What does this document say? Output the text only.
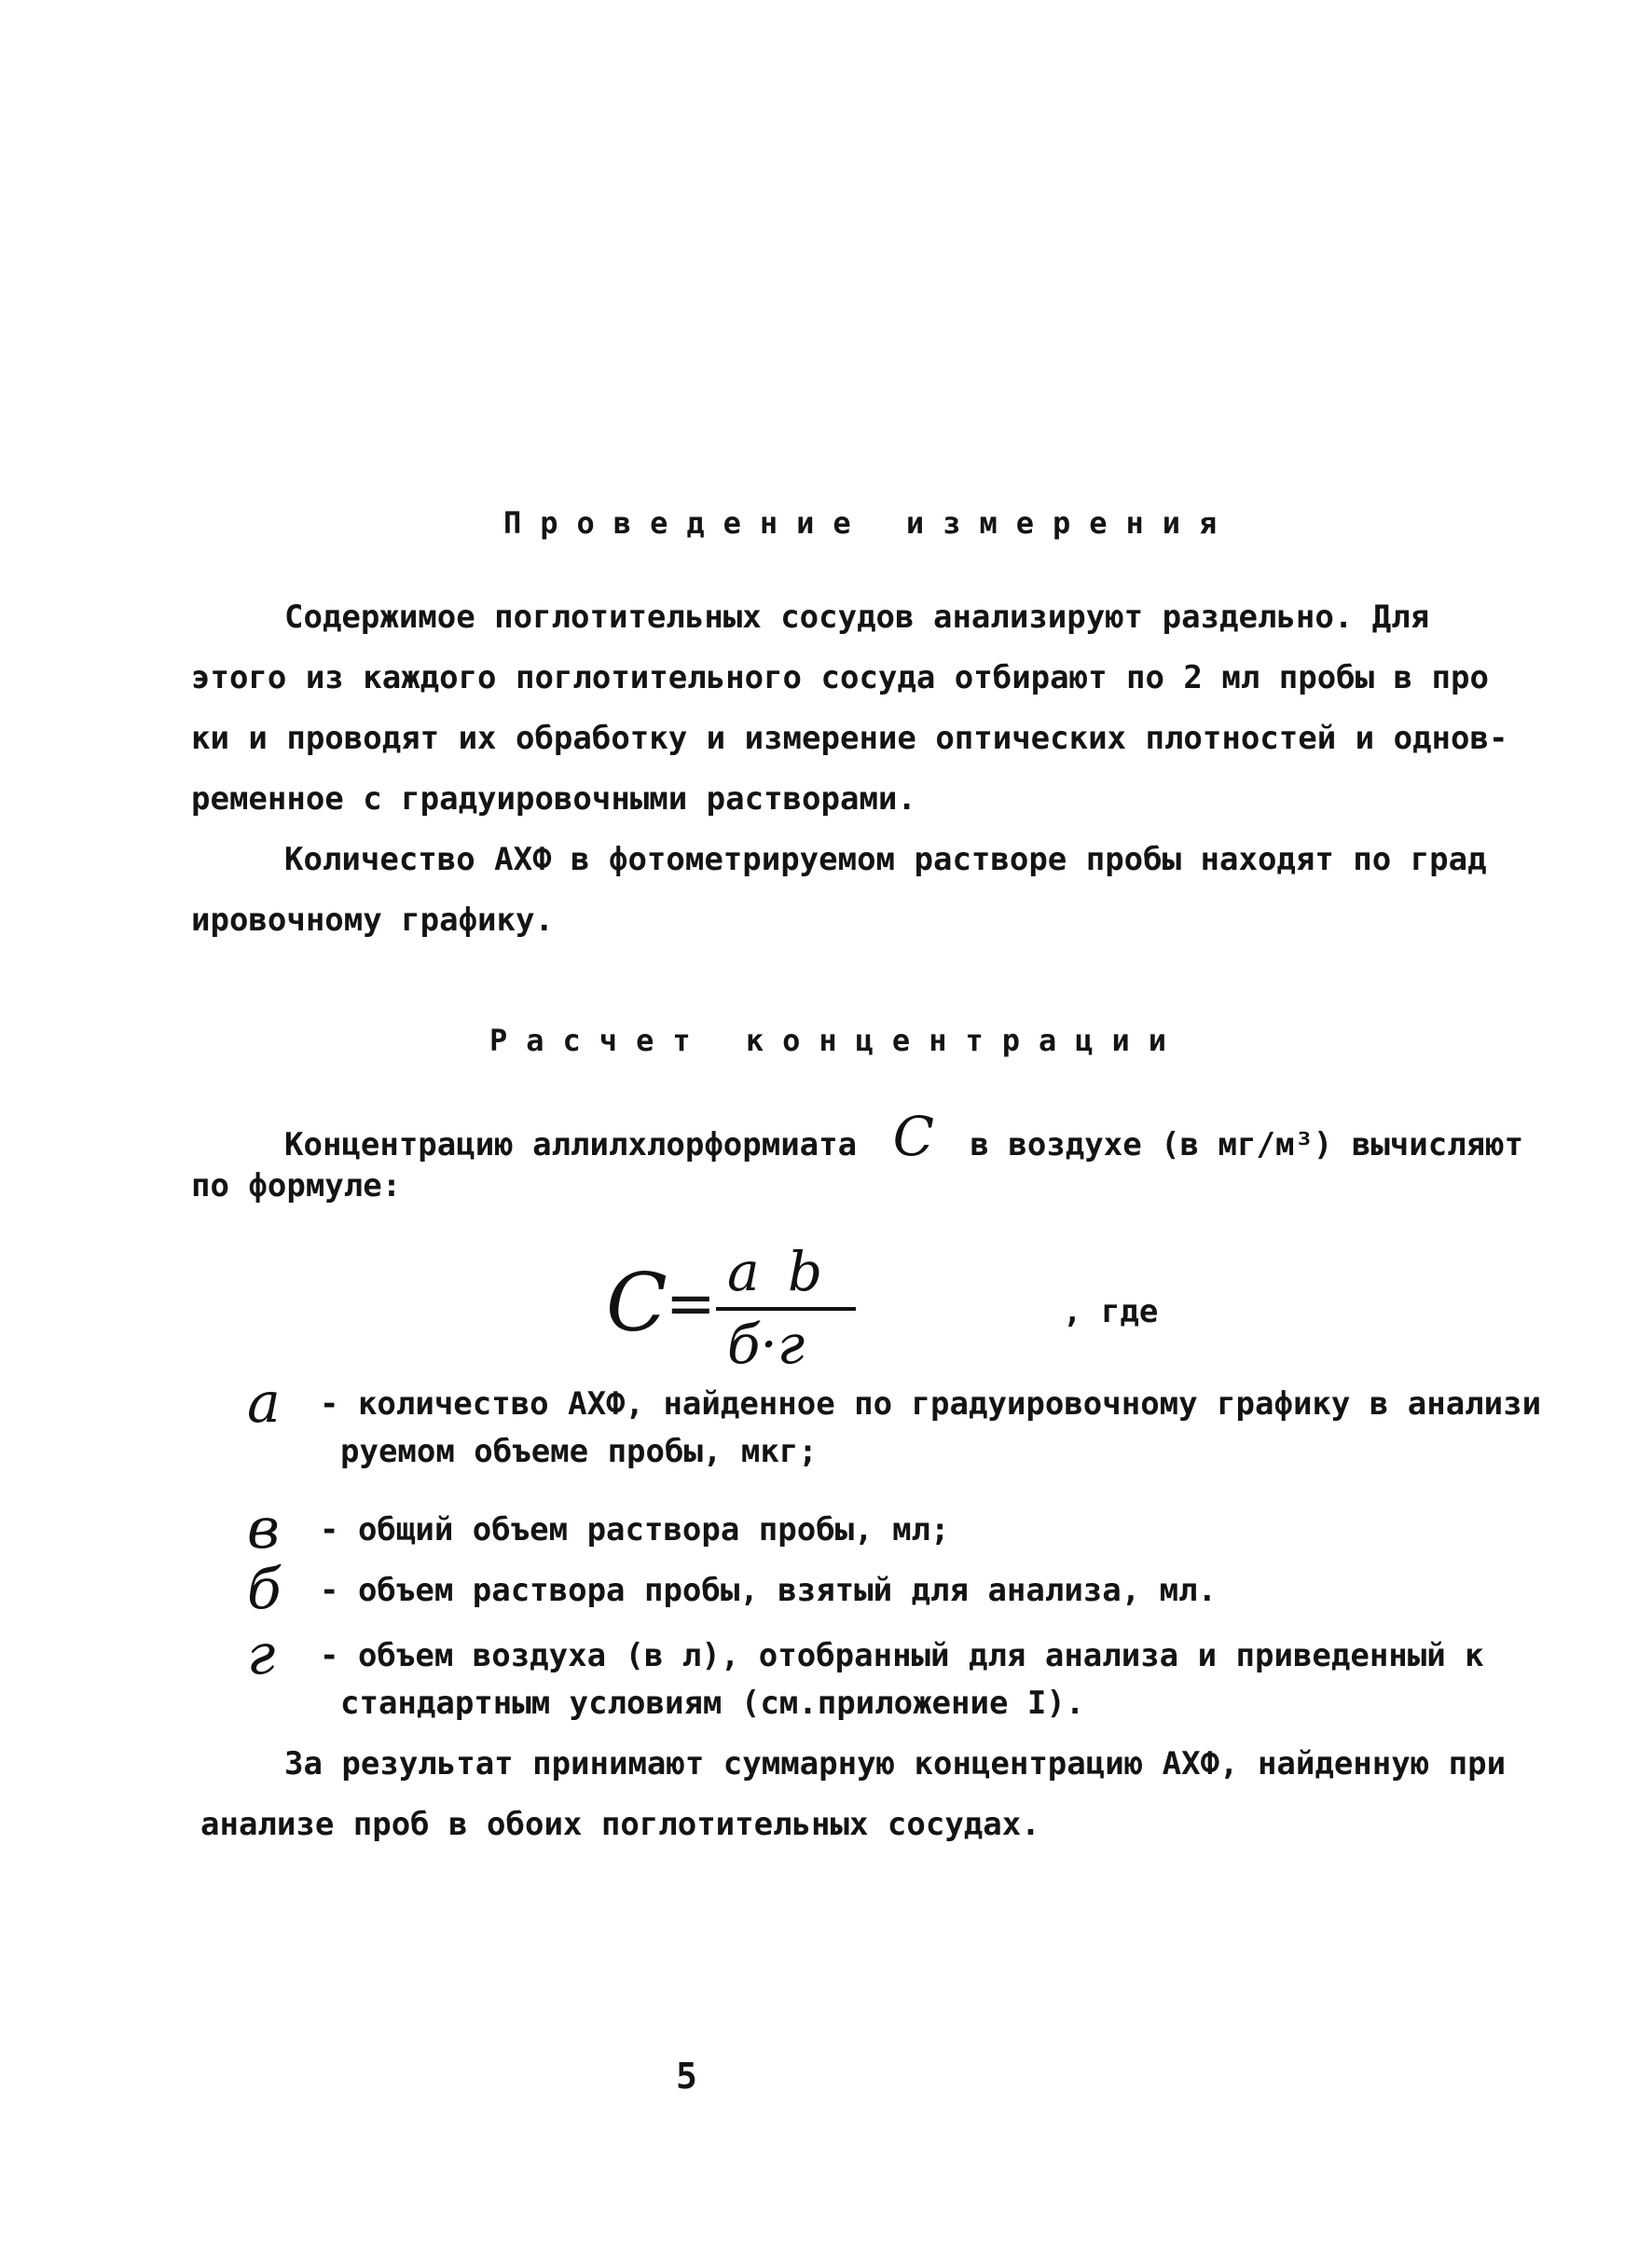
Проведение измерения
Содержимое поглотительных сосудов анализируют раздельно. Для
этого из каждого поглотительного сосуда отбирают по 2 мл пробы в про
ки и проводят их обработку и измерение оптических плотностей и однов-
ременное с градуировочными растворами.
Количество АХФ в фотометрируемом растворе пробы находят по град
ировочному графику.
Расчет концентрации
Концентрацию аллилхлорформиата C в воздухе (в мг/м³) вычисляют
по формуле:
C
= a b
б·г
, где
a - количество АХФ, найденное по градуировочному графику в анализи
руемом объеме пробы, мкг;
в - общий объем раствора пробы, мл;
б - объем раствора пробы, взятый для анализа, мл.
г - объем воздуха (в л), отобранный для анализа и приведенный к
стандартным условиям (см.приложение I).
За результат принимают суммарную концентрацию АХФ, найденную при
анализе проб в обоих поглотительных сосудах.
5
